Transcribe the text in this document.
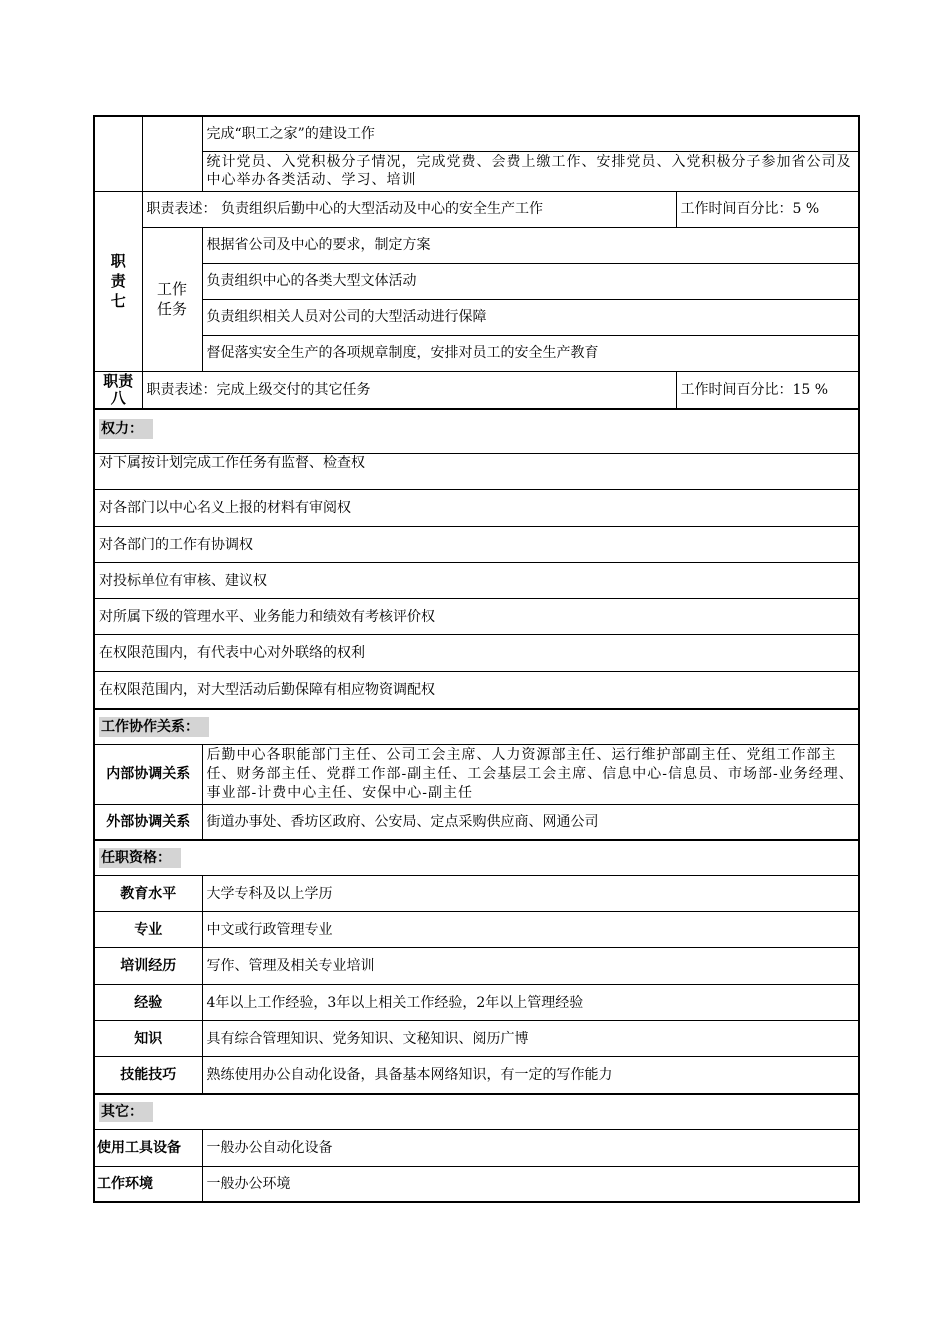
		完成“职工之家”的建设工作	
		统计党员、入党积极分子情况，完成党费、会费上缴工作、安排党员、入党积极分子参加省公司及中心举办各类活动、学习、培训	
职责七	职责表述： 负责组织后勤中心的大型活动及中心的安全生产工作		工作时间百分比：5 %
	工作任务	根据省公司及中心的要求，制定方案	
		负责组织中心的各类大型文体活动	
		负责组织相关人员对公司的大型活动进行保障	
		督促落实安全生产的各项规章制度，安排对员工的安全生产教育	
职责八	职责表述：完成上级交付的其它任务		工作时间百分比：15 %
权力：			
对下属按计划完成工作任务有监督、检查权			
对各部门以中心名义上报的材料有审阅权			
对各部门的工作有协调权			
对投标单位有审核、建议权			
对所属下级的管理水平、业务能力和绩效有考核评价权			
在权限范围内，有代表中心对外联络的权利			
在权限范围内，对大型活动后勤保障有相应物资调配权			
工作协作关系：			
内部协调关系		后勤中心各职能部门主任、公司工会主席、人力资源部主任、运行维护部副主任、党组工作部主任、财务部主任、党群工作部-副主任、工会基层工会主席、信息中心-信息员、市场部-业务经理、事业部-计费中心主任、安保中心-副主任	
外部协调关系		街道办事处、香坊区政府、公安局、定点采购供应商、网通公司	
任职资格：			
教育水平		大学专科及以上学历	
专业		中文或行政管理专业	
培训经历		写作、管理及相关专业培训	
经验		4年以上工作经验，3年以上相关工作经验，2年以上管理经验	
知识		具有综合管理知识、党务知识、文秘知识、阅历广博	
技能技巧		熟练使用办公自动化设备，具备基本网络知识，有一定的写作能力	
其它：			
使用工具设备		一般办公自动化设备	
工作环境		一般办公环境	
